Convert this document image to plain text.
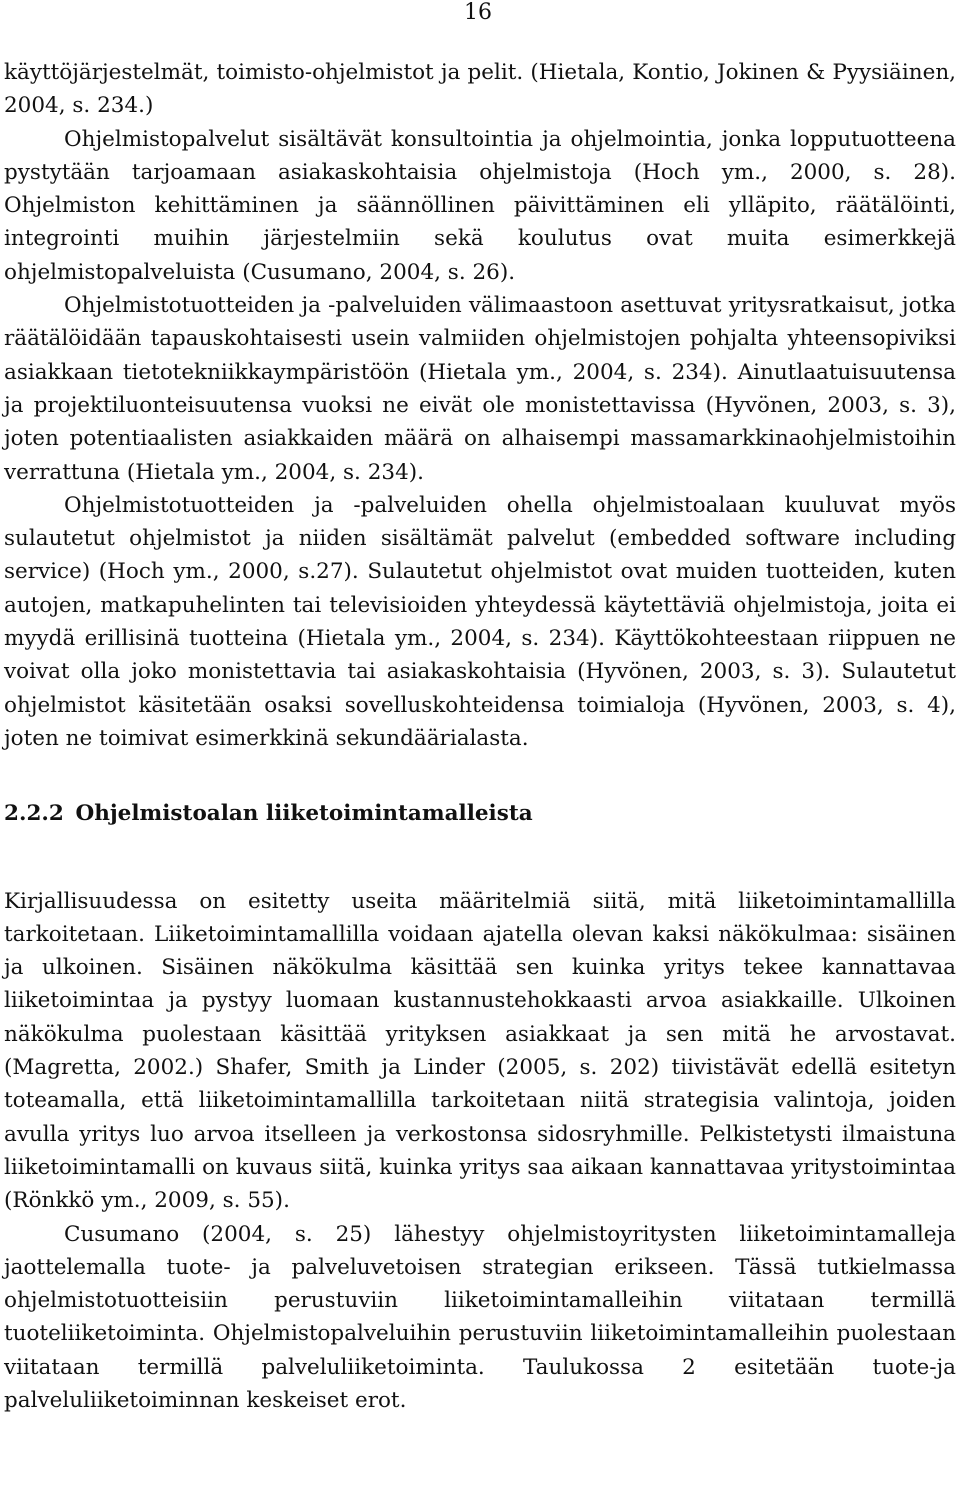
16

käyttöjärjestelmät, toimisto-ohjelmistot ja pelit. (Hietala, Kontio, Jokinen & Pyysiäinen, 2004, s. 234.)

Ohjelmistopalvelut sisältävät konsultointia ja ohjelmointia, jonka lopputuotteena pystytään tarjoamaan asiakaskohtaisia ohjelmistoja (Hoch ym., 2000, s. 28). Ohjelmiston kehittäminen ja säännöllinen päivittäminen eli ylläpito, räätälöinti, integrointi muihin järjestelmiin sekä koulutus ovat muita esimerkkejä ohjelmistopalveluista (Cusumano, 2004, s. 26).

Ohjelmistotuotteiden ja -palveluiden välimaastoon asettuvat yritysratkaisut, jotka räätälöidään tapauskohtaisesti usein valmiiden ohjelmistojen pohjalta yhteensopiviksi asiakkaan tietotekniikkaympäristöön (Hietala ym., 2004, s. 234). Ainutlaatuisuutensa ja projektiluonteisuutensa vuoksi ne eivät ole monistettavissa (Hyvönen, 2003, s. 3), joten potentiaalisten asiakkaiden määrä on alhaisempi massamarkkinaohjelmistoihin verrattuna (Hietala ym., 2004, s. 234).

Ohjelmistotuotteiden ja -palveluiden ohella ohjelmistoalaan kuuluvat myös sulautetut ohjelmistot ja niiden sisältämät palvelut (embedded software including service) (Hoch ym., 2000, s.27). Sulautetut ohjelmistot ovat muiden tuotteiden, kuten autojen, matkapuhelinten tai televisioiden yhteydessä käytettäviä ohjelmistoja, joita ei myydä erillisinä tuotteina (Hietala ym., 2004, s. 234). Käyttökohteestaan riippuen ne voivat olla joko monistettavia tai asiakaskohtaisia (Hyvönen, 2003, s. 3). Sulautetut ohjelmistot käsitetään osaksi sovelluskohteidensa toimialoja (Hyvönen, 2003, s. 4), joten ne toimivat esimerkkinä sekundäärialasta.

2.2.2 Ohjelmistoalan liiketoimintamalleista

Kirjallisuudessa on esitetty useita määritelmiä siitä, mitä liiketoimintamallilla tarkoitetaan. Liiketoimintamallilla voidaan ajatella olevan kaksi näkökulmaa: sisäinen ja ulkoinen. Sisäinen näkökulma käsittää sen kuinka yritys tekee kannattavaa liiketoimintaa ja pystyy luomaan kustannustehokkaasti arvoa asiakkaille. Ulkoinen näkökulma puolestaan käsittää yrityksen asiakkaat ja sen mitä he arvostavat. (Magretta, 2002.) Shafer, Smith ja Linder (2005, s. 202) tiivistävät edellä esitetyn toteamalla, että liiketoimintamallilla tarkoitetaan niitä strategisia valintoja, joiden avulla yritys luo arvoa itselleen ja verkostonsa sidosryhmille. Pelkistetysti ilmaistuna liiketoimintamalli on kuvaus siitä, kuinka yritys saa aikaan kannattavaa yritystoimintaa (Rönkkö ym., 2009, s. 55).

Cusumano (2004, s. 25) lähestyy ohjelmistoyritysten liiketoimintamalleja jaottelemalla tuote- ja palveluvetoisen strategian erikseen. Tässä tutkielmassa ohjelmistotuotteisiin perustuviin liiketoimintamalleihin viitataan termillä tuoteliiketoiminta. Ohjelmistopalveluihin perustuviin liiketoimintamalleihin puolestaan viitataan termillä palveluliiketoiminta. Taulukossa 2 esitetään tuote-ja palveluliiketoiminnan keskeiset erot.
